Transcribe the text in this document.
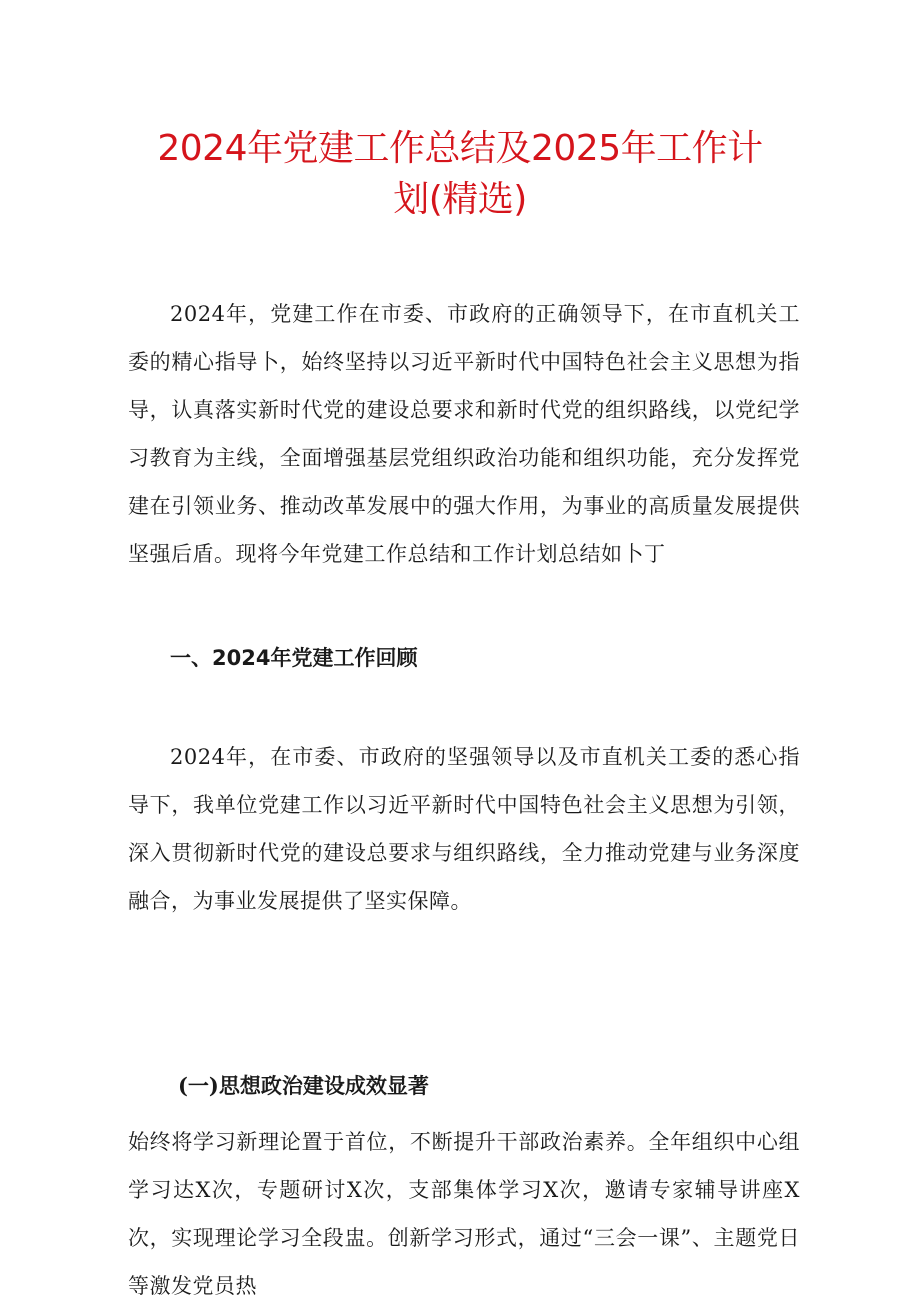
2024年党建工作总结及2025年工作计
划(精选)

2024年，党建工作在市委、市政府的正确领导下，在市直机关工委的精心指导卜，始终坚持以习近平新时代中国特色社会主义思想为指导，认真落实新时代党的建设总要求和新时代党的组织路线，以党纪学习教育为主线，全面增强基层党组织政治功能和组织功能，充分发挥党建在引领业务、推动改革发展中的强大作用，为事业的高质量发展提供坚强后盾。现将今年党建工作总结和工作计划总结如卜丁

一、2024年党建工作回顾

2024年，在市委、市政府的坚强领导以及市直机关工委的悉心指导下，我单位党建工作以习近平新时代中国特色社会主义思想为引领，深入贯彻新时代党的建设总要求与组织路线，全力推动党建与业务深度融合，为事业发展提供了坚实保障。

(一)思想政治建设成效显著

始终将学习新理论置于首位，不断提升干部政治素养。全年组织中心组学习达X次，专题研讨X次，支部集体学习X次，邀请专家辅导讲座X次，实现理论学习全段盅。创新学习形式，通过“三会一课”、主题党日等激发党员热
